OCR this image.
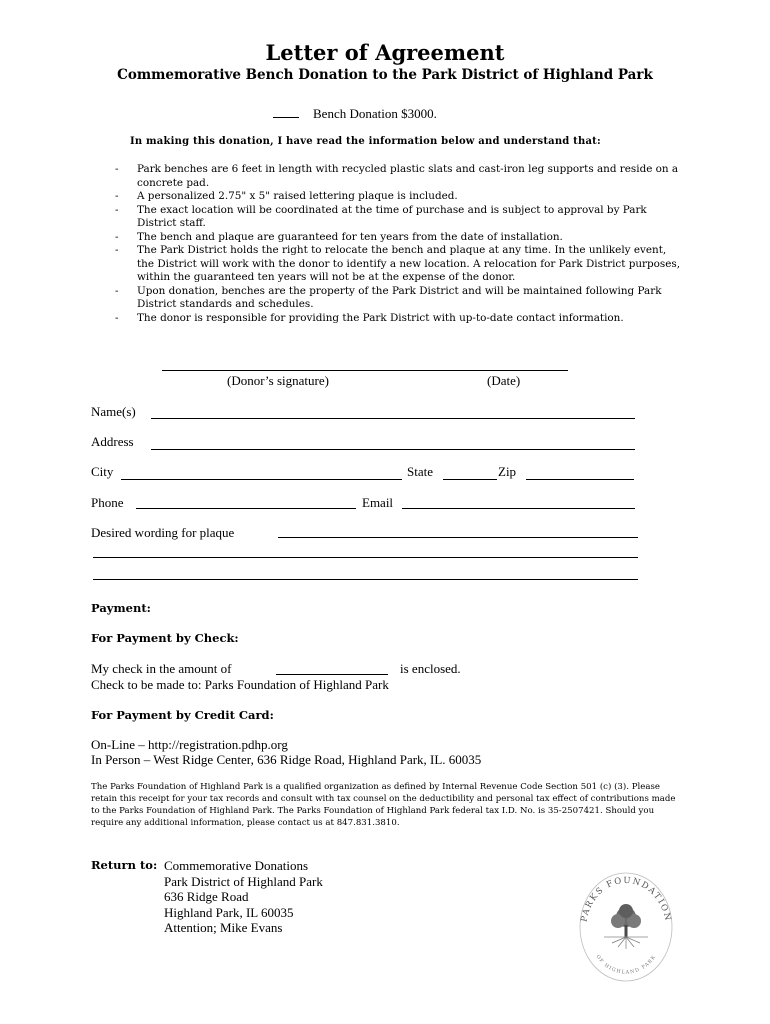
Letter of Agreement
Commemorative Bench Donation to the Park District of Highland Park
Bench Donation $3000.
In making this donation, I have read the information below and understand that:
- Park benches are 6 feet in length with recycled plastic slats and cast-iron leg supports and reside on a concrete pad.
- A personalized 2.75" x 5" raised lettering plaque is included.
- The exact location will be coordinated at the time of purchase and is subject to approval by Park District staff.
- The bench and plaque are guaranteed for ten years from the date of installation.
- The Park District holds the right to relocate the bench and plaque at any time. In the unlikely event, the District will work with the donor to identify a new location. A relocation for Park District purposes, within the guaranteed ten years will not be at the expense of the donor.
- Upon donation, benches are the property of the Park District and will be maintained following Park District standards and schedules.
- The donor is responsible for providing the Park District with up-to-date contact information.
(Donor’s signature)	(Date)
Name(s)
Address
City	State	Zip
Phone	Email
Desired wording for plaque
Payment:
For Payment by Check:
My check in the amount of	is enclosed.
Check to be made to: Parks Foundation of Highland Park
For Payment by Credit Card:
On-Line – http://registration.pdhp.org
In Person – West Ridge Center, 636 Ridge Road, Highland Park, IL. 60035
The Parks Foundation of Highland Park is a qualified organization as defined by Internal Revenue Code Section 501 (c) (3). Please retain this receipt for your tax records and consult with tax counsel on the deductibility and personal tax effect of contributions made to the Parks Foundation of Highland Park. The Parks Foundation of Highland Park federal tax I.D. No. is 35-2507421. Should you require any additional information, please contact us at 847.831.3810.
Return to: Commemorative Donations
Park District of Highland Park
636 Ridge Road
Highland Park, IL 60035
Attention; Mike Evans
PARKS FOUNDATION
OF HIGHLAND PARK
